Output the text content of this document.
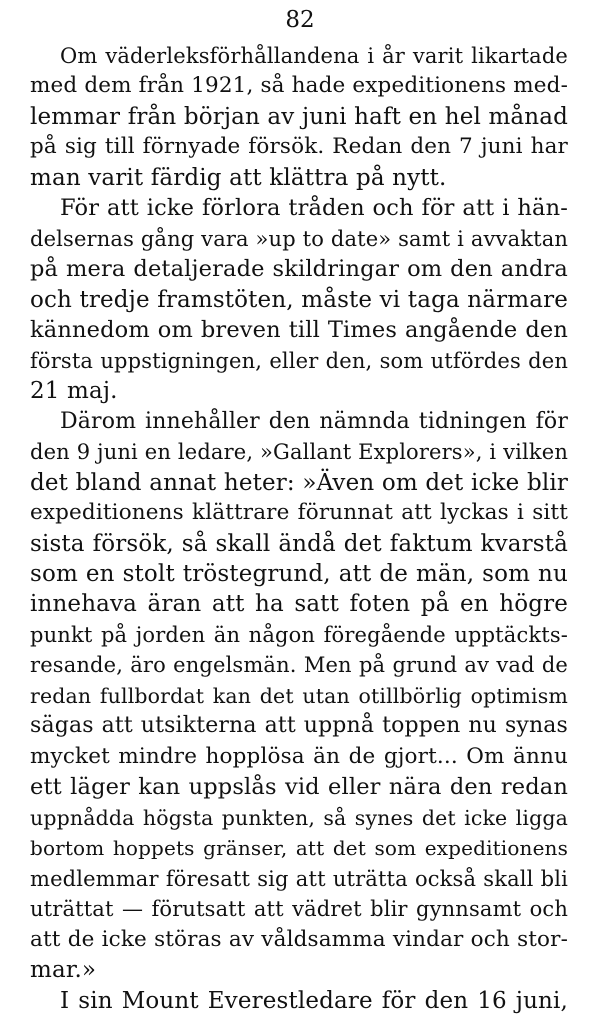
82
Om väderleksförhållandena i år varit likartade
med dem från 1921, så hade expeditionens med-
lemmar från början av juni haft en hel månad
på sig till förnyade försök. Redan den 7 juni har
man varit färdig att klättra på nytt.
För att icke förlora tråden och för att i hän-
delsernas gång vara »up to date» samt i avvaktan
på mera detaljerade skildringar om den andra
och tredje framstöten, måste vi taga närmare
kännedom om breven till Times angående den
första uppstigningen, eller den, som utfördes den
21 maj.
Därom innehåller den nämnda tidningen för
den 9 juni en ledare, »Gallant Explorers», i vilken
det bland annat heter: »Även om det icke blir
expeditionens klättrare förunnat att lyckas i sitt
sista försök, så skall ändå det faktum kvarstå
som en stolt tröstegrund, att de män, som nu
innehava äran att ha satt foten på en högre
punkt på jorden än någon föregående upptäckts-
resande, äro engelsmän. Men på grund av vad de
redan fullbordat kan det utan otillbörlig optimism
sägas att utsikterna att uppnå toppen nu synas
mycket mindre hopplösa än de gjort... Om ännu
ett läger kan uppslås vid eller nära den redan
uppnådda högsta punkten, så synes det icke ligga
bortom hoppets gränser, att det som expeditionens
medlemmar föresatt sig att uträtta också skall bli
uträttat — förutsatt att vädret blir gynnsamt och
att de icke störas av våldsamma vindar och stor-
mar.»
I sin Mount Everestledare för den 16 juni,
